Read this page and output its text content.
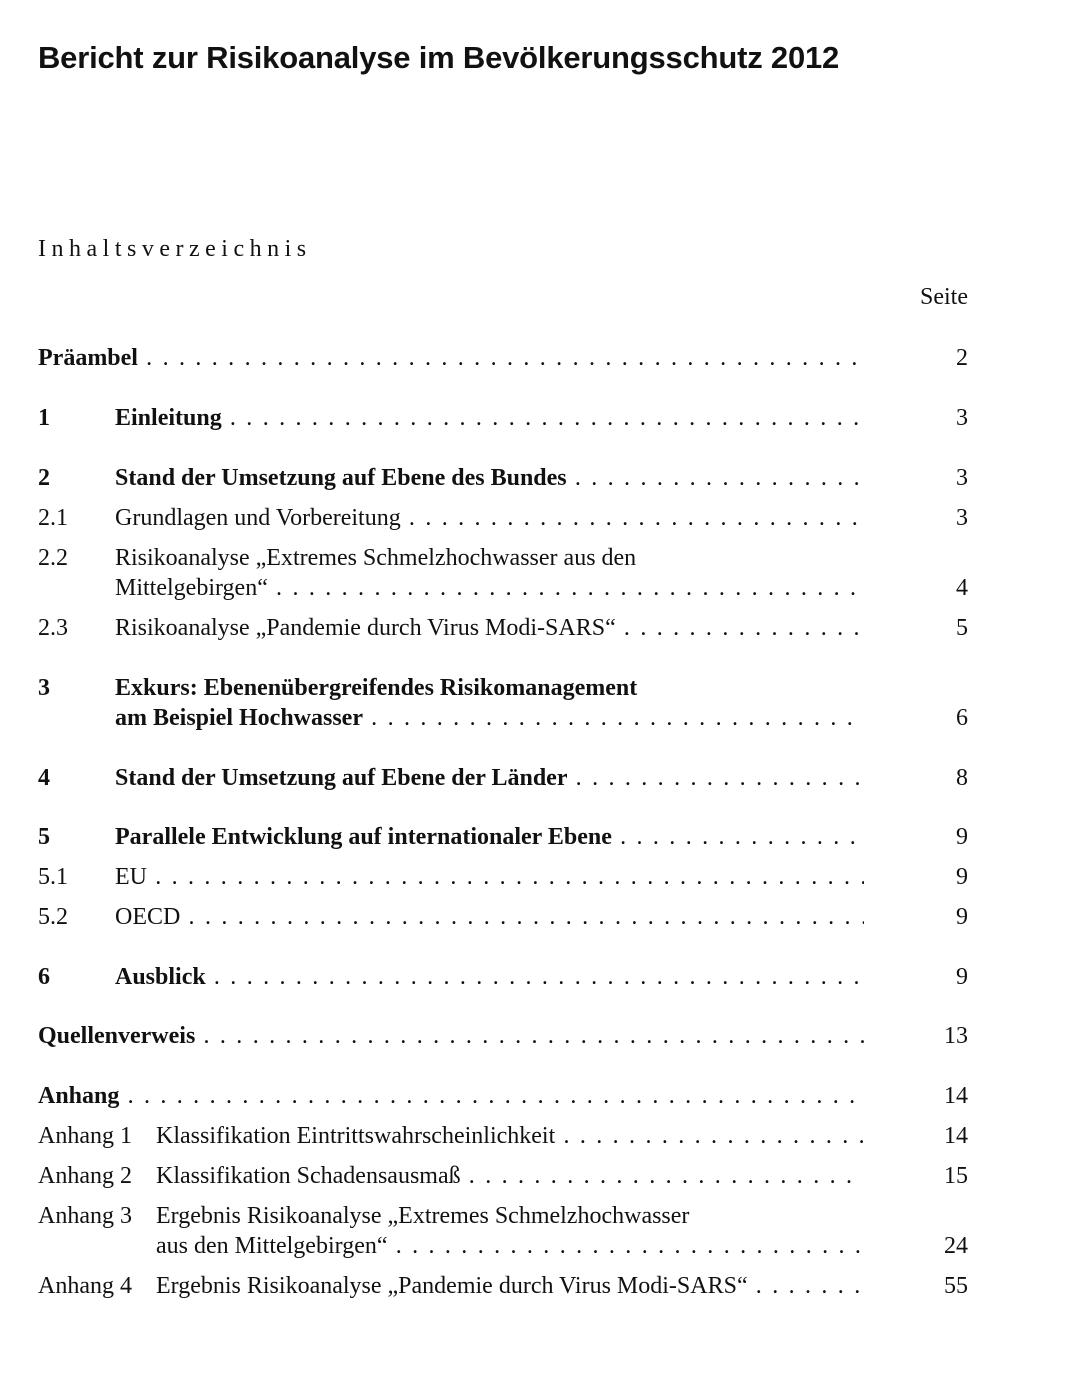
Bericht zur Risikoanalyse im Bevölkerungsschutz 2012
Inhaltsverzeichnis
Seite
Präambel . . .	2
1	Einleitung . . .	3
2	Stand der Umsetzung auf Ebene des Bundes . . .	3
2.1 Grundlagen und Vorbereitung . . .	3
2.2 Risikoanalyse „Extremes Schmelzhochwasser aus den
Mittelgebirgen“ . . .	4
2.3 Risikoanalyse „Pandemie durch Virus Modi-SARS“ . . .	5
3	Exkurs: Ebenenübergreifendes Risikomanagement
am Beispiel Hochwasser . . .	6
4	Stand der Umsetzung auf Ebene der Länder . . .	8
5	Parallele Entwicklung auf internationaler Ebene . . .	9
5.1 EU . . .	9
5.2 OECD . . .	9
6	Ausblick . . .	9
Quellenverweis . . .	13
Anhang . . .	14
Anhang 1 Klassifikation Eintrittswahrscheinlichkeit . . .	14
Anhang 2 Klassifikation Schadensausmaß . . .	15
Anhang 3 Ergebnis Risikoanalyse „Extremes Schmelzhochwasser
aus den Mittelgebirgen“ . . .	24
Anhang 4 Ergebnis Risikoanalyse „Pandemie durch Virus Modi-SARS“ . . .	55
